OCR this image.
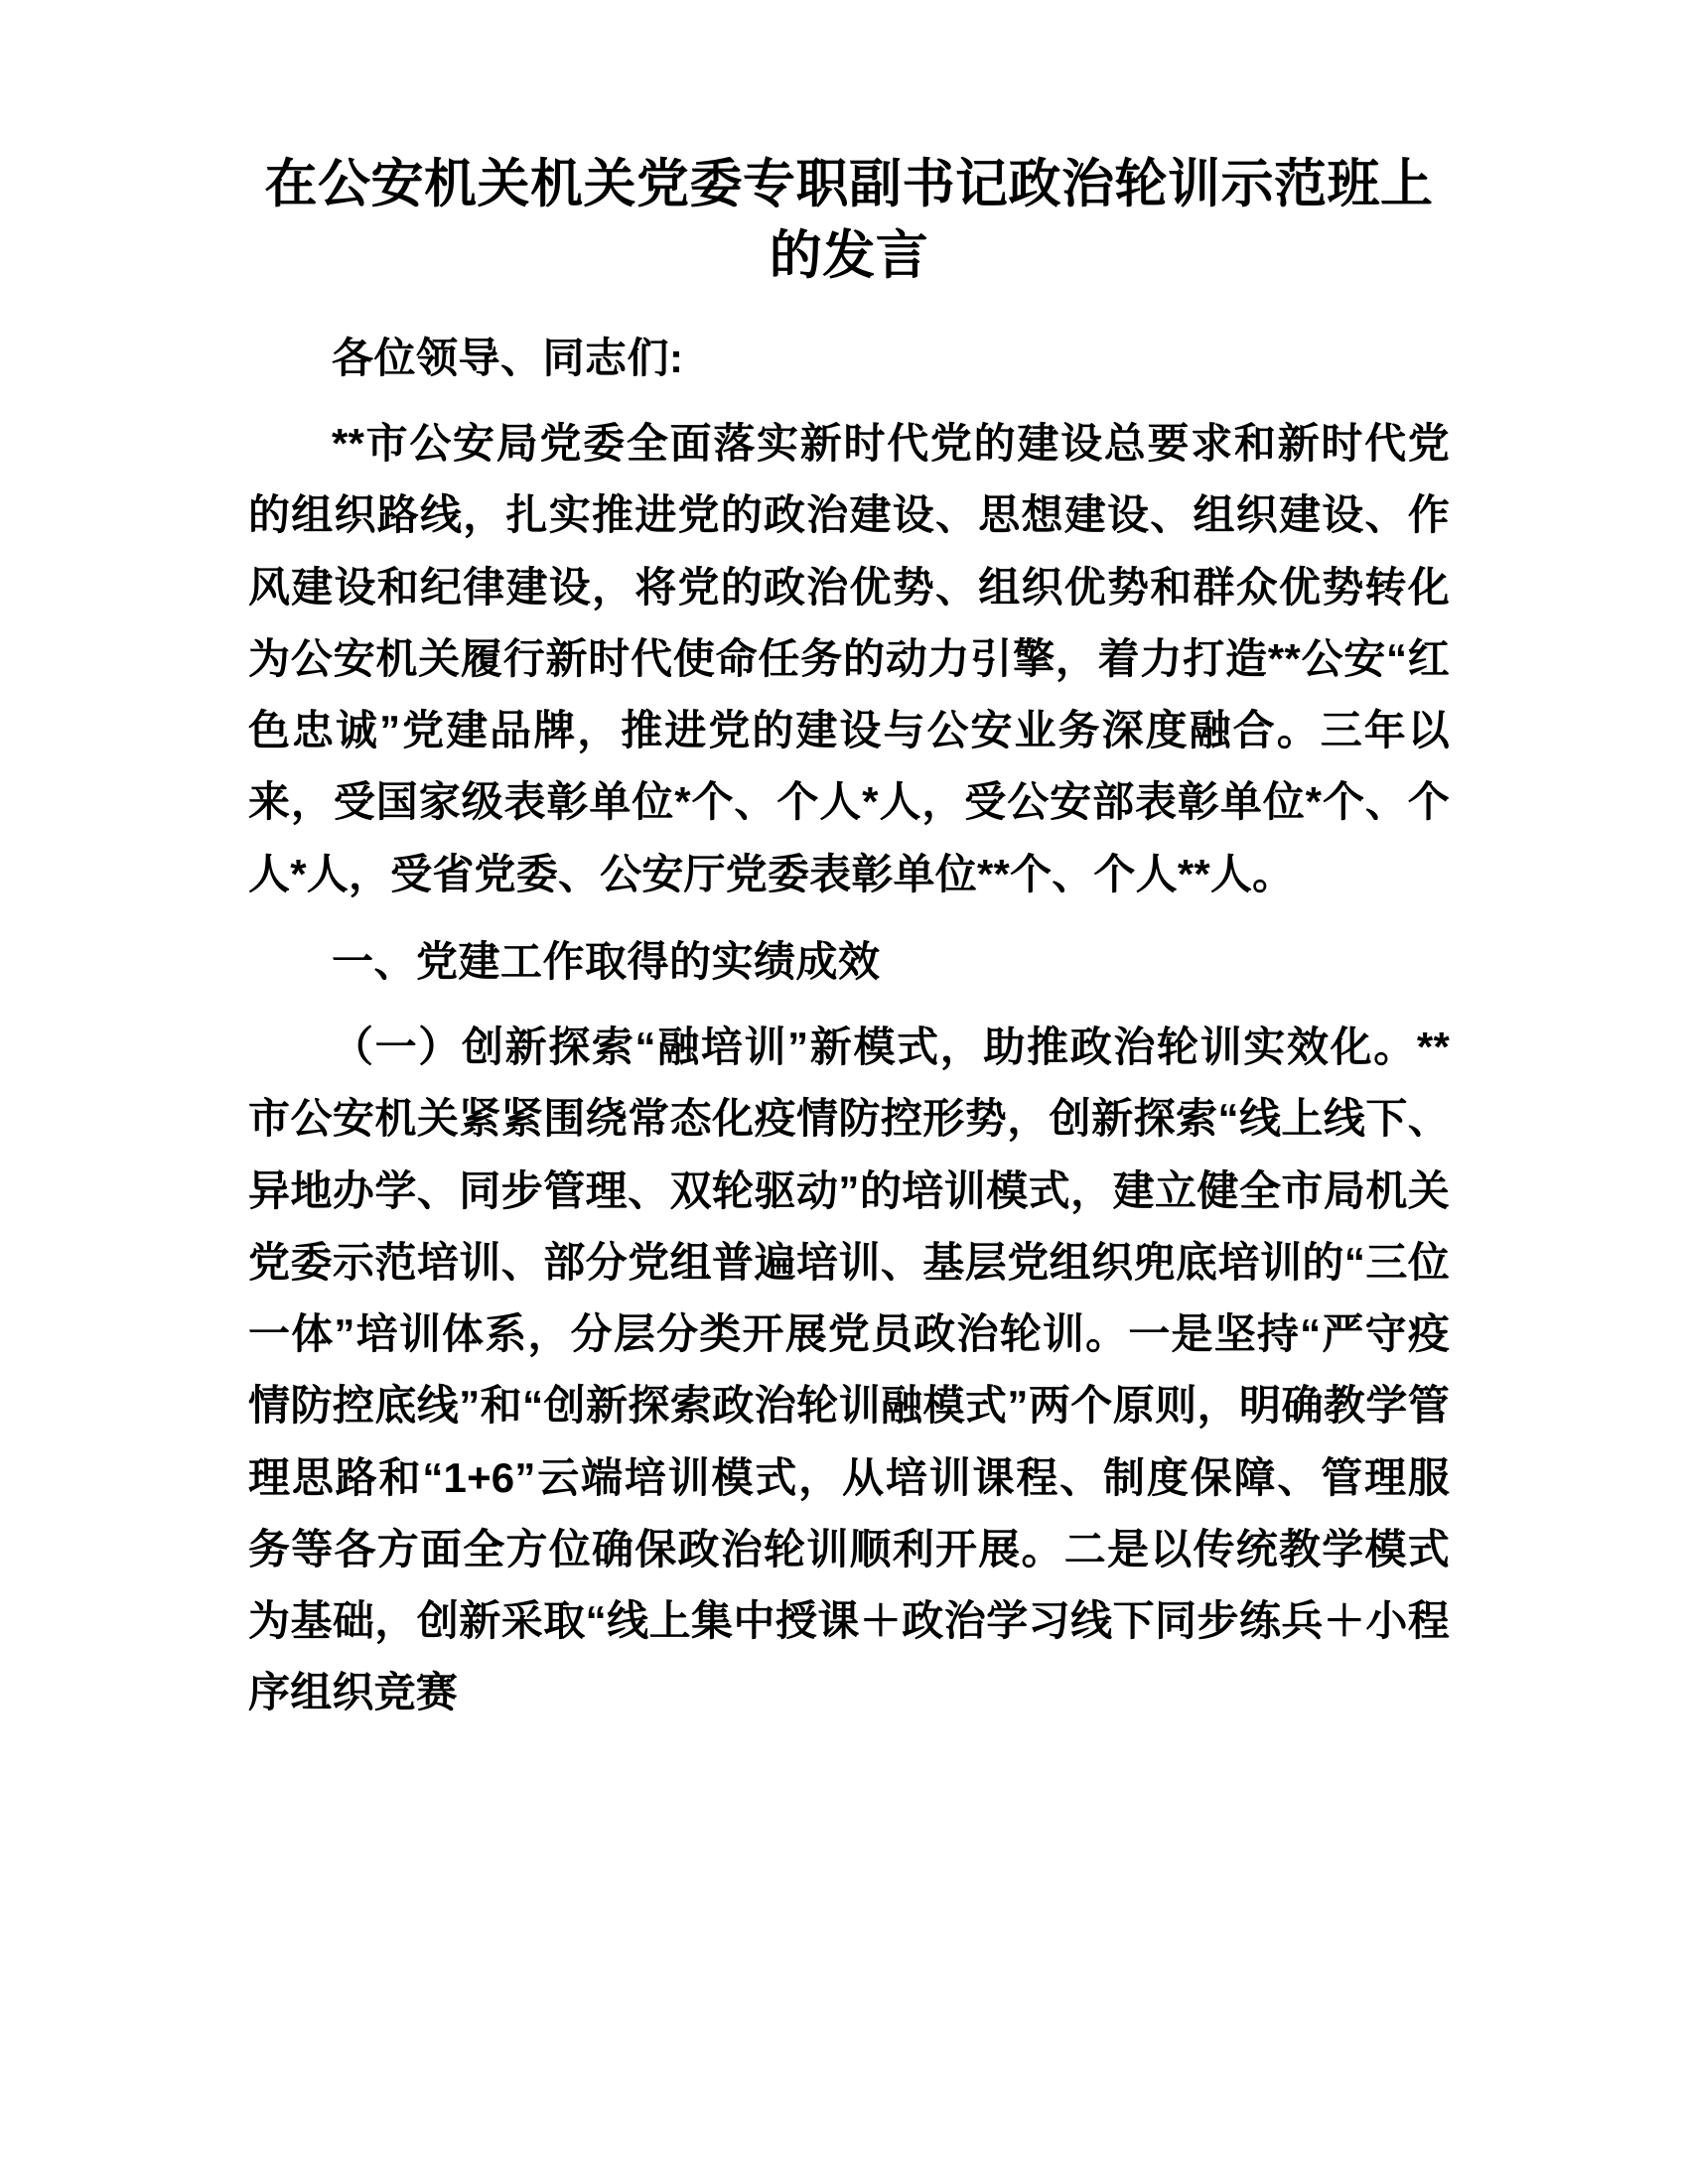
在公安机关机关党委专职副书记政治轮训示范班上的发言

各位领导、同志们:

**市公安局党委全面落实新时代党的建设总要求和新时代党的组织路线，扎实推进党的政治建设、思想建设、组织建设、作风建设和纪律建设，将党的政治优势、组织优势和群众优势转化为公安机关履行新时代使命任务的动力引擎，着力打造**公安“红色忠诚”党建品牌，推进党的建设与公安业务深度融合。三年以来，受国家级表彰单位*个、个人*人，受公安部表彰单位*个、个人*人，受省党委、公安厅党委表彰单位**个、个人**人。

一、党建工作取得的实绩成效

（一）创新探索“融培训”新模式，助推政治轮训实效化。**市公安机关紧紧围绕常态化疫情防控形势，创新探索“线上线下、异地办学、同步管理、双轮驱动”的培训模式，建立健全市局机关党委示范培训、部分党组普遍培训、基层党组织兜底培训的“三位一体”培训体系，分层分类开展党员政治轮训。一是坚持“严守疫情防控底线”和“创新探索政治轮训融模式”两个原则，明确教学管理思路和“1+6”云端培训模式，从培训课程、制度保障、管理服务等各方面全方位确保政治轮训顺利开展。二是以传统教学模式为基础，创新采取“线上集中授课＋政治学习线下同步练兵＋小程序组织竞赛
